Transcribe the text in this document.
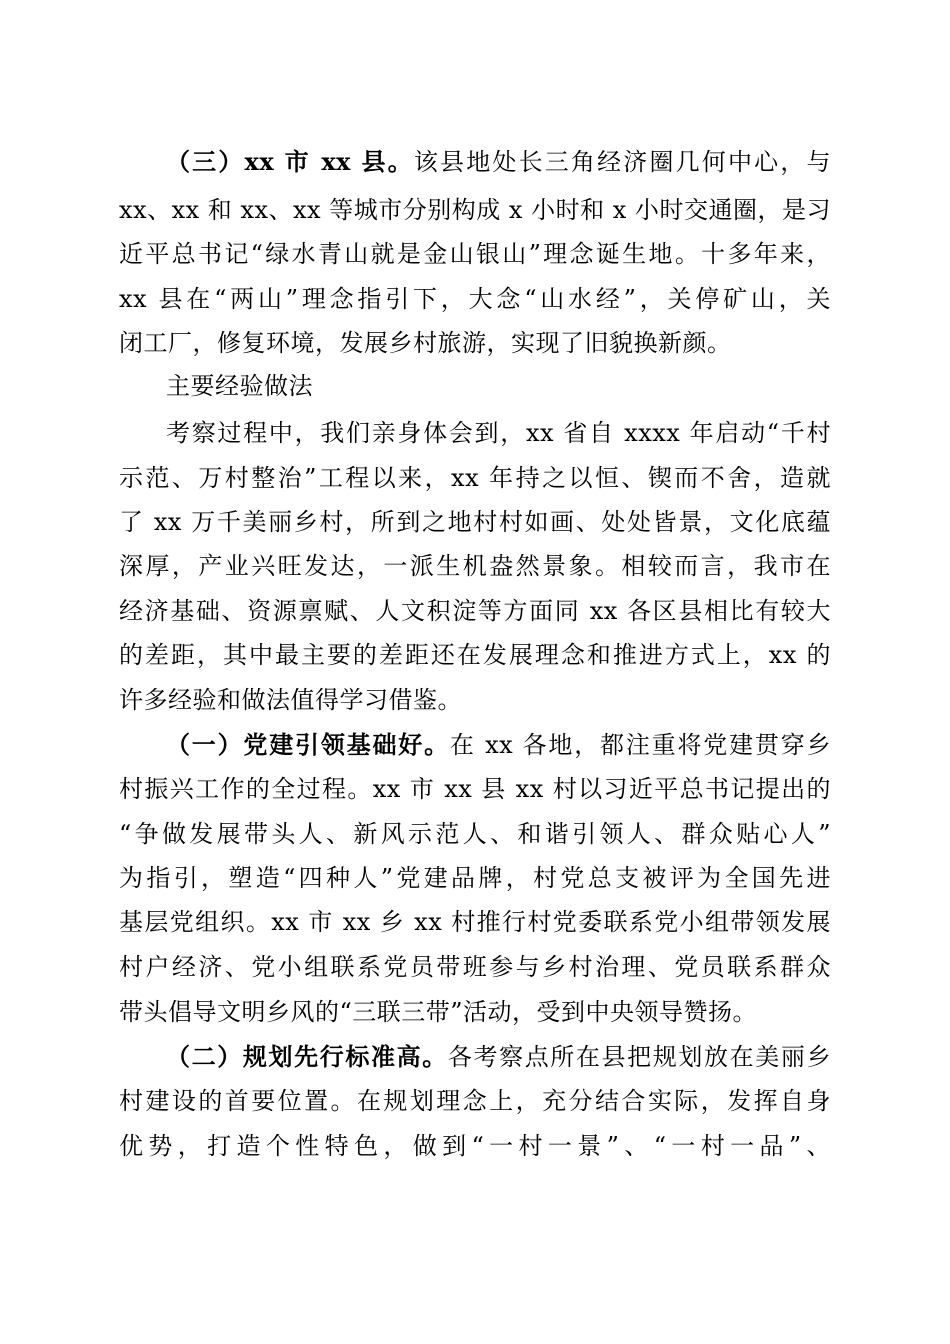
（三）xx 市 xx 县。该县地处长三角经济圈几何中心，与
xx、xx 和 xx、xx 等城市分别构成 x 小时和 x 小时交通圈，是习
近平总书记“绿水青山就是金山银山”理念诞生地。十多年来，
xx 县在“两山”理念指引下，大念“山水经”，关停矿山，关
闭工厂，修复环境，发展乡村旅游，实现了旧貌换新颜。
主要经验做法
考察过程中，我们亲身体会到，xx 省自 xxxx 年启动“千村
示范、万村整治”工程以来，xx 年持之以恒、锲而不舍，造就
了 xx 万千美丽乡村，所到之地村村如画、处处皆景，文化底蕴
深厚，产业兴旺发达，一派生机盎然景象。相较而言，我市在
经济基础、资源禀赋、人文积淀等方面同 xx 各区县相比有较大
的差距，其中最主要的差距还在发展理念和推进方式上，xx 的
许多经验和做法值得学习借鉴。
（一）党建引领基础好。在 xx 各地，都注重将党建贯穿乡
村振兴工作的全过程。xx 市 xx 县 xx 村以习近平总书记提出的
“争做发展带头人、新风示范人、和谐引领人、群众贴心人”
为指引，塑造“四种人”党建品牌，村党总支被评为全国先进
基层党组织。xx 市 xx 乡 xx 村推行村党委联系党小组带领发展
村户经济、党小组联系党员带班参与乡村治理、党员联系群众
带头倡导文明乡风的“三联三带”活动，受到中央领导赞扬。
（二）规划先行标准高。各考察点所在县把规划放在美丽乡
村建设的首要位置。在规划理念上，充分结合实际，发挥自身
优势，打造个性特色，做到“一村一景”、“一村一品”、
